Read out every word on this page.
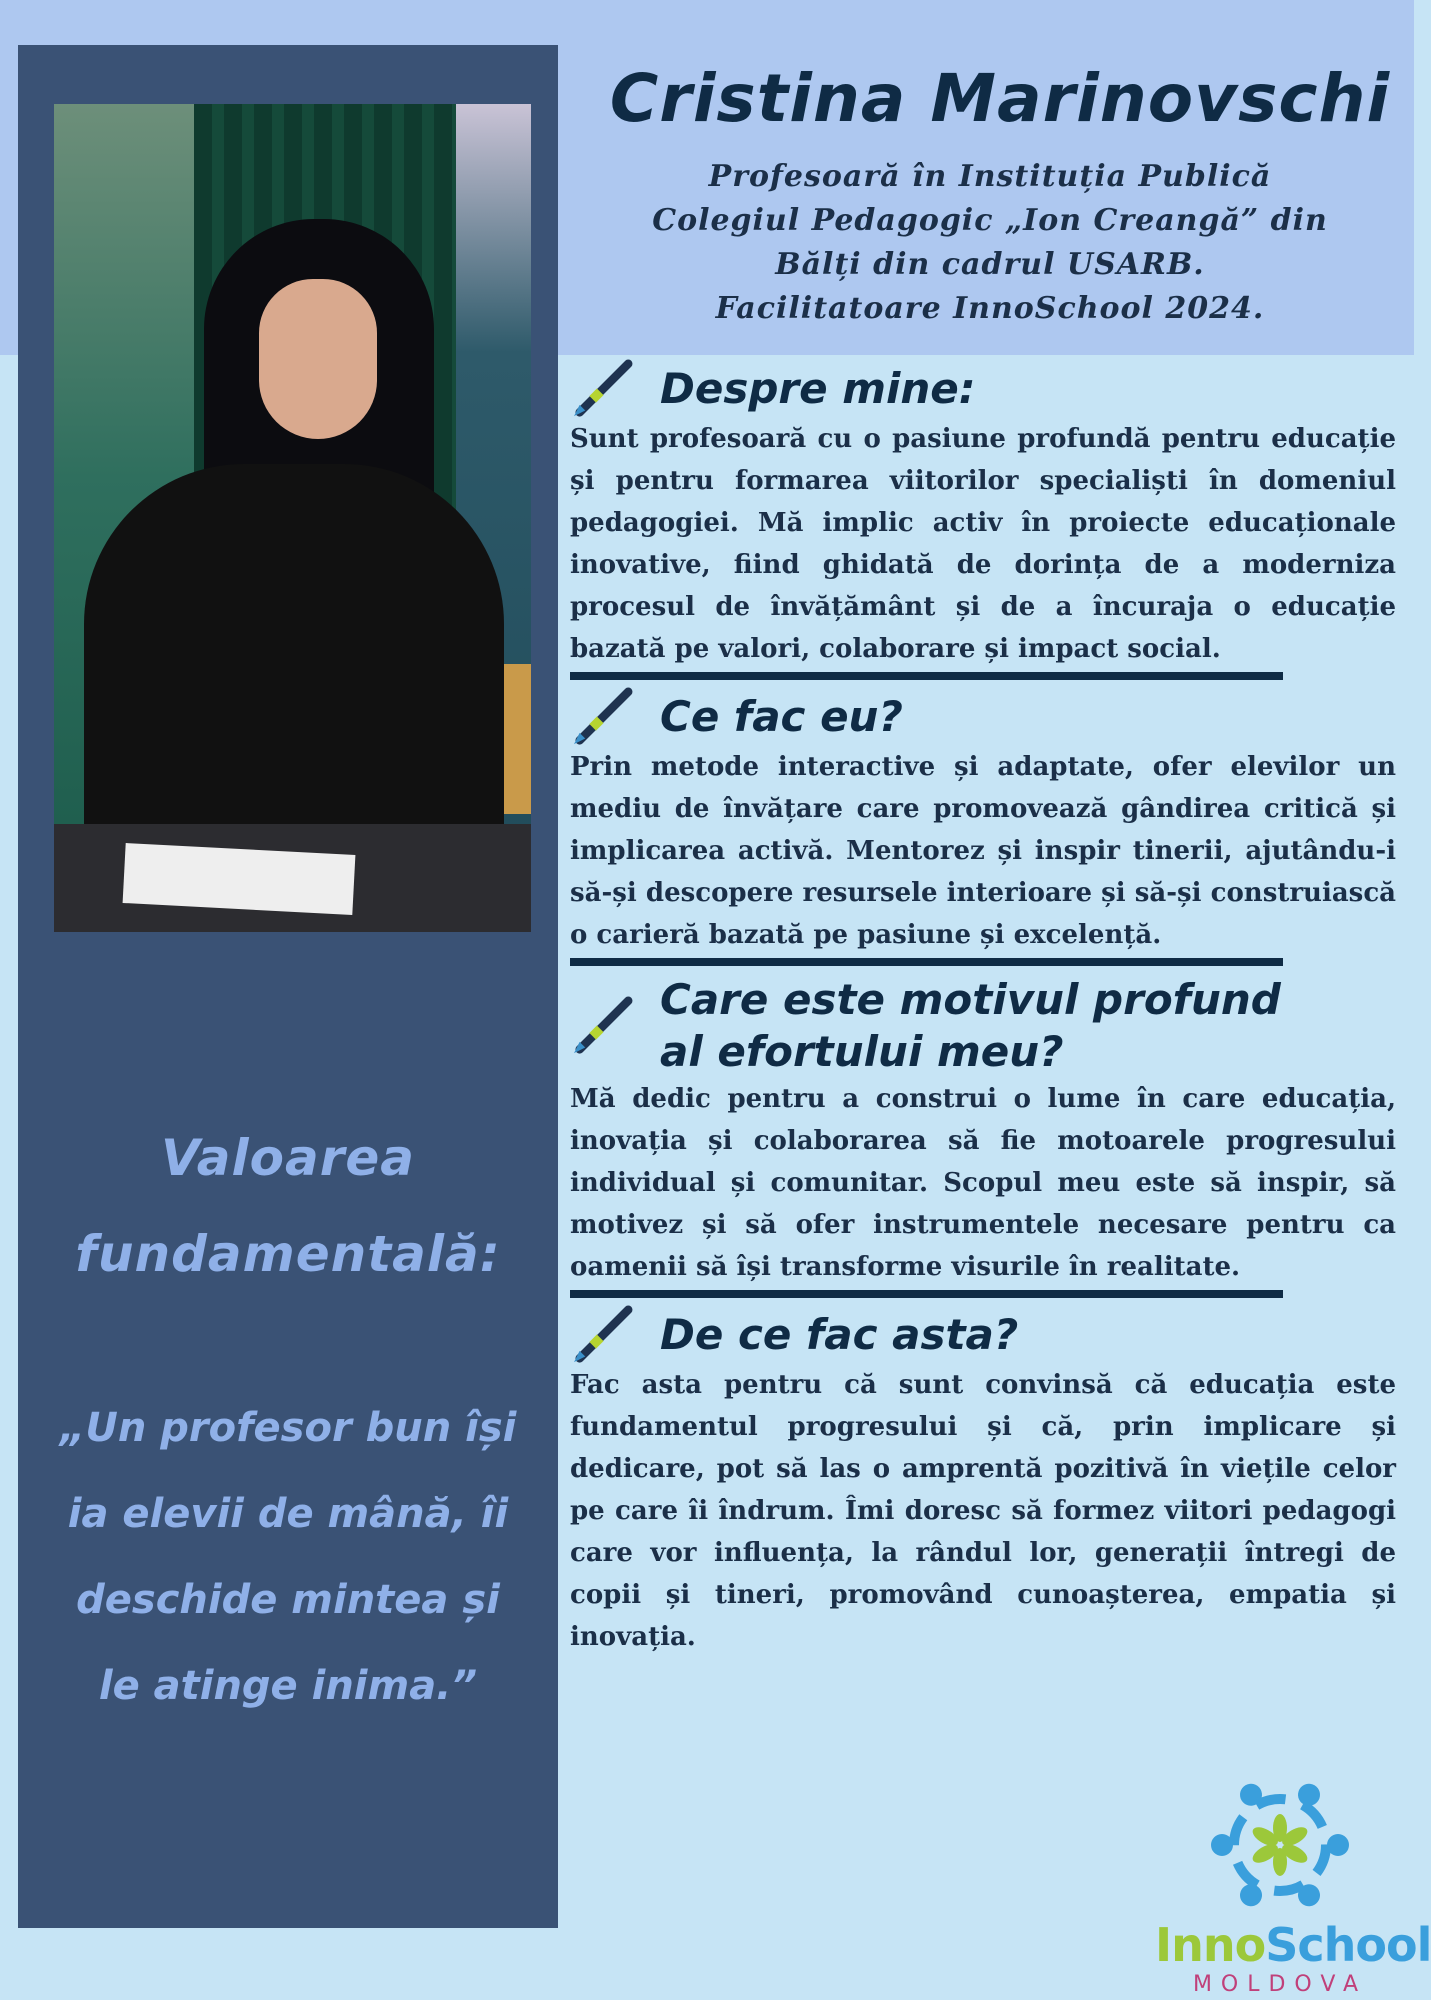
Cristina Marinovschi
Profesoară în Instituția Publică
Colegiul Pedagogic „Ion Creangă” din
Bălți din cadrul USARB.
Facilitatoare InnoSchool 2024.
Valoarea
fundamentală:
„Un profesor bun își
ia elevii de mână, îi
deschide mintea și
le atinge inima.”
Despre mine:
Sunt profesoară cu o pasiune profundă pentru educație și pentru formarea viitorilor specialiști în domeniul pedagogiei. Mă implic activ în proiecte educaționale inovative, fiind ghidată de dorința de a moderniza procesul de învățământ și de a încuraja o educație bazată pe valori, colaborare și impact social.
Ce fac eu?
Prin metode interactive și adaptate, ofer elevilor un mediu de învățare care promovează gândirea critică și implicarea activă. Mentorez și inspir tinerii, ajutându-i să-și descopere resursele interioare și să-și construiască o carieră bazată pe pasiune și excelență.
Care este motivul profund
al efortului meu?
Mă dedic pentru a construi o lume în care educația, inovația și colaborarea să fie motoarele progresului individual și comunitar. Scopul meu este să inspir, să motivez și să ofer instrumentele necesare pentru ca oamenii să își transforme visurile în realitate.
De ce fac asta?
Fac asta pentru că sunt convinsă că educația este fundamentul progresului și că, prin implicare și dedicare, pot să las o amprentă pozitivă în viețile celor pe care îi îndrum. Îmi doresc să formez viitori pedagogi care vor influența, la rândul lor, generații întregi de copii și tineri, promovând cunoașterea, empatia și inovația.
InnoSchool
MOLDOVA
